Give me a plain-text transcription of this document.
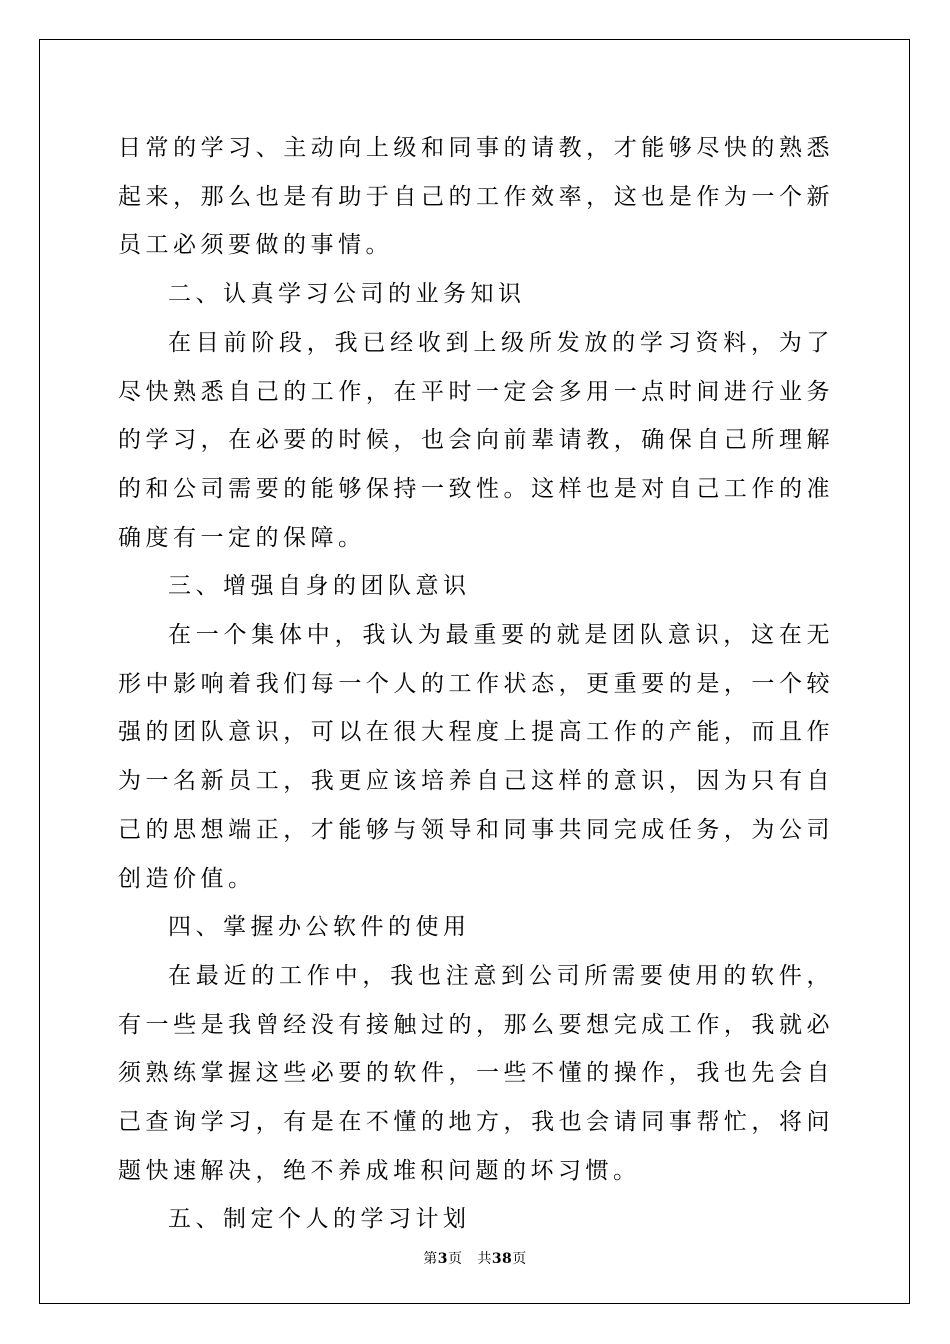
日常的学习、主动向上级和同事的请教，才能够尽快的熟悉起来，那么也是有助于自己的工作效率，这也是作为一个新员工必须要做的事情。

二、认真学习公司的业务知识

在目前阶段，我已经收到上级所发放的学习资料，为了尽快熟悉自己的工作，在平时一定会多用一点时间进行业务的学习，在必要的时候，也会向前辈请教，确保自己所理解的和公司需要的能够保持一致性。这样也是对自己工作的准确度有一定的保障。

三、增强自身的团队意识

在一个集体中，我认为最重要的就是团队意识，这在无形中影响着我们每一个人的工作状态，更重要的是，一个较强的团队意识，可以在很大程度上提高工作的产能，而且作为一名新员工，我更应该培养自己这样的意识，因为只有自己的思想端正，才能够与领导和同事共同完成任务，为公司创造价值。

四、掌握办公软件的使用

在最近的工作中，我也注意到公司所需要使用的软件，有一些是我曾经没有接触过的，那么要想完成工作，我就必须熟练掌握这些必要的软件，一些不懂的操作，我也先会自己查询学习，有是在不懂的地方，我也会请同事帮忙，将问题快速解决，绝不养成堆积问题的坏习惯。

五、制定个人的学习计划

第3页 共38页
